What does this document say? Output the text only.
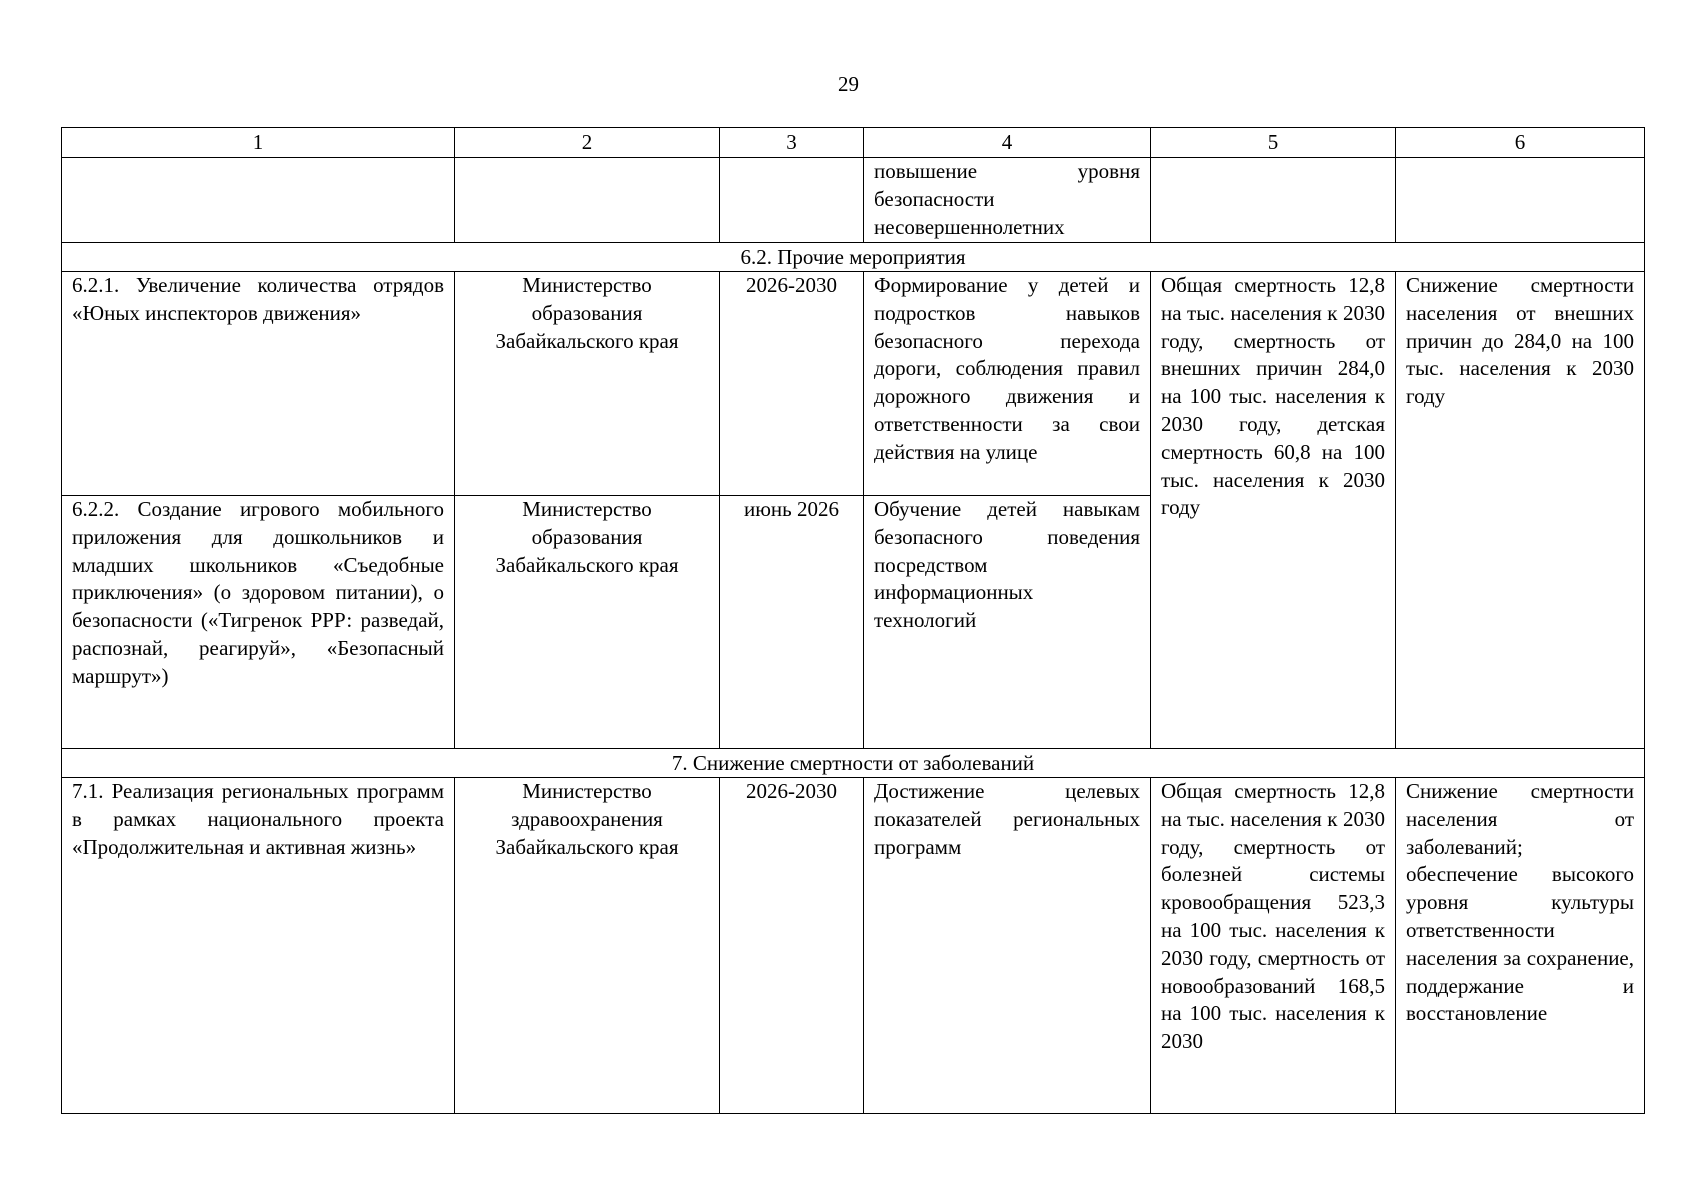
29
1	2	3	4	5	6
			повышение уровня безопасности несовершеннолетних		
6.2. Прочие мероприятия					
6.2.1. Увеличение количества отрядов «Юных инспекторов движения»	Министерство образования Забайкальского края	2026-2030	Формирование у детей и подростков навыков безопасного перехода дороги, соблюдения правил дорожного движения и ответственности за свои действия на улице	Общая смертность 12,8 на тыс. населения к 2030 году, смертность от внешних причин 284,0 на 100 тыс. населения к 2030 году, детская смертность 60,8 на 100 тыс. населения к 2030 году	Снижение смертности населения от внешних причин до 284,0 на 100 тыс. населения к 2030 году
6.2.2. Создание игрового мобильного приложения для дошкольников и младших школьников «Съедобные приключения» (о здоровом питании), о безопасности («Тигренок РРР: разведай, распознай, реагируй», «Безопасный маршрут»)	Министерство образования Забайкальского края	июнь 2026	Обучение детей навыкам безопасного поведения посредством информационных технологий		
7. Снижение смертности от заболеваний					
7.1. Реализация региональных программ в рамках национального проекта «Продолжительная и активная жизнь»	Министерство здравоохранения Забайкальского края	2026-2030	Достижение целевых показателей региональных программ	Общая смертность 12,8 на тыс. населения к 2030 году, смертность от болезней системы кровообращения 523,3 на 100 тыс. населения к 2030 году, смертность от новообразований 168,5 на 100 тыс. населения к 2030	Снижение смертности населения от заболеваний; обеспечение высокого уровня культуры ответственности населения за сохранение, поддержание и восстановление
